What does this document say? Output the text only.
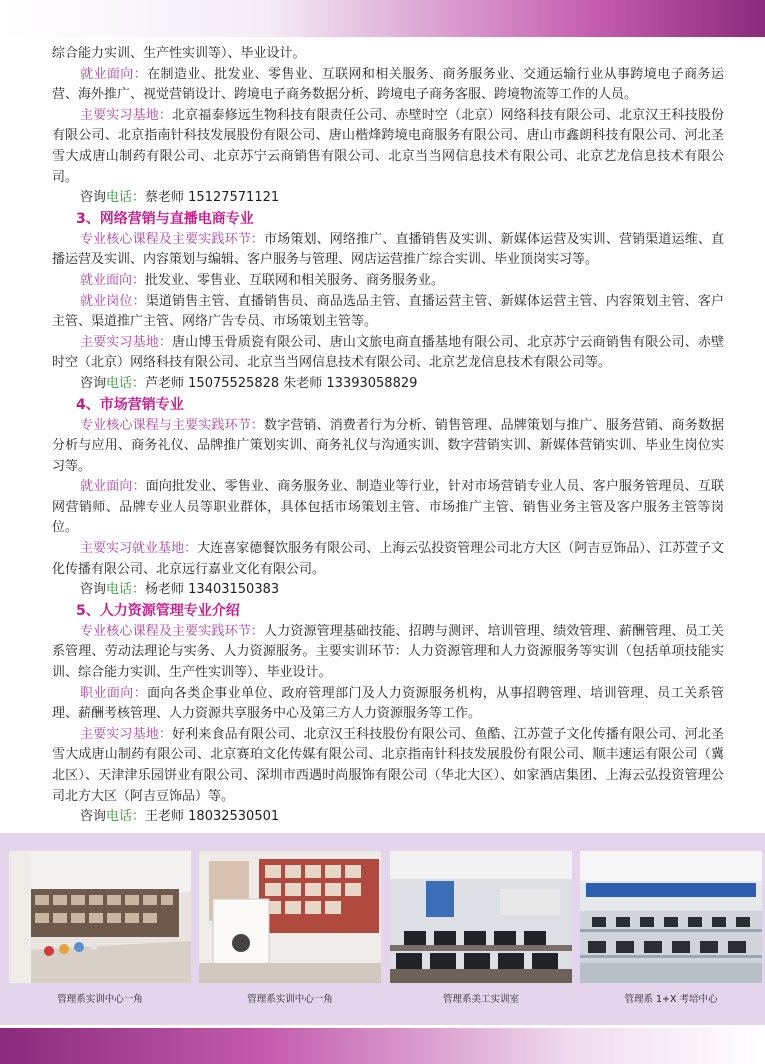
综合能力实训、生产性实训等）、毕业设计。

就业面向：在制造业、批发业、零售业、互联网和相关服务、商务服务业、交通运输行业从事跨境电子商务运营、海外推广、视觉营销设计、跨境电子商务数据分析、跨境电子商务客服、跨境物流等工作的人员。

主要实习基地：北京福泰修远生物科技有限责任公司、赤壁时空（北京）网络科技有限公司、北京汉王科技股份有限公司、北京指南针科技发展股份有限公司、唐山楷烽跨境电商服务有限公司、唐山市鑫朗科技有限公司、河北圣雪大成唐山制药有限公司、北京苏宁云商销售有限公司、北京当当网信息技术有限公司、北京艺龙信息技术有限公司。

咨询电话：蔡老师 15127571121

3、网络营销与直播电商专业

专业核心课程及主要实践环节：市场策划、网络推广、直播销售及实训、新媒体运营及实训、营销渠道运维、直播运营及实训、内容策划与编辑、客户服务与管理、网店运营推广综合实训、毕业顶岗实习等。

就业面向：批发业、零售业、互联网和相关服务、商务服务业。

就业岗位：渠道销售主管、直播销售员、商品选品主管、直播运营主管、新媒体运营主管、内容策划主管、客户主管、渠道推广主管、网络广告专员、市场策划主管等。

主要实习基地：唐山博玉骨质瓷有限公司、唐山文旅电商直播基地有限公司、北京苏宁云商销售有限公司、赤壁时空（北京）网络科技有限公司、北京当当网信息技术有限公司、北京艺龙信息技术有限公司等。

咨询电话：芦老师 15075525828 朱老师 13393058829

4、市场营销专业

专业核心课程与主要实践环节：数字营销、消费者行为分析、销售管理、品牌策划与推广、服务营销、商务数据分析与应用、商务礼仪、品牌推广策划实训、商务礼仪与沟通实训、数字营销实训、新媒体营销实训、毕业生岗位实习等。

就业面向：面向批发业、零售业、商务服务业、制造业等行业，针对市场营销专业人员、客户服务管理员、互联网营销师、品牌专业人员等职业群体，具体包括市场策划主管、市场推广主管、销售业务主管及客户服务主管等岗位。

主要实习就业基地：大连喜家德餐饮服务有限公司、上海云弘投资管理公司北方大区（阿吉豆饰品）、江苏萱子文化传播有限公司、北京远行嘉业文化有限公司。

咨询电话：杨老师 13403150383

5、人力资源管理专业介绍

专业核心课程及主要实践环节：人力资源管理基础技能、招聘与测评、培训管理、绩效管理、薪酬管理、员工关系管理、劳动法理论与实务、人力资源服务。主要实训环节：人力资源管理和人力资源服务等实训（包括单项技能实训、综合能力实训、生产性实训等）、毕业设计。

职业面向：面向各类企事业单位、政府管理部门及人力资源服务机构，从事招聘管理、培训管理、员工关系管理、薪酬考核管理、人力资源共享服务中心及第三方人力资源服务等工作。

主要实习基地：好利来食品有限公司、北京汉王科技股份有限公司、鱼酷、江苏萱子文化传播有限公司、河北圣雪大成唐山制药有限公司、北京赛珀文化传媒有限公司、北京指南针科技发展股份有限公司、顺丰速运有限公司（冀北区）、天津津乐园饼业有限公司、深圳市西遇时尚服饰有限公司（华北大区）、如家酒店集团、上海云弘投资管理公司北方大区（阿吉豆饰品）等。

咨询电话：王老师 18032530501

管理系实训中心一角	管理系实训中心一角	管理系美工实训室	管理系 1+X 考培中心
